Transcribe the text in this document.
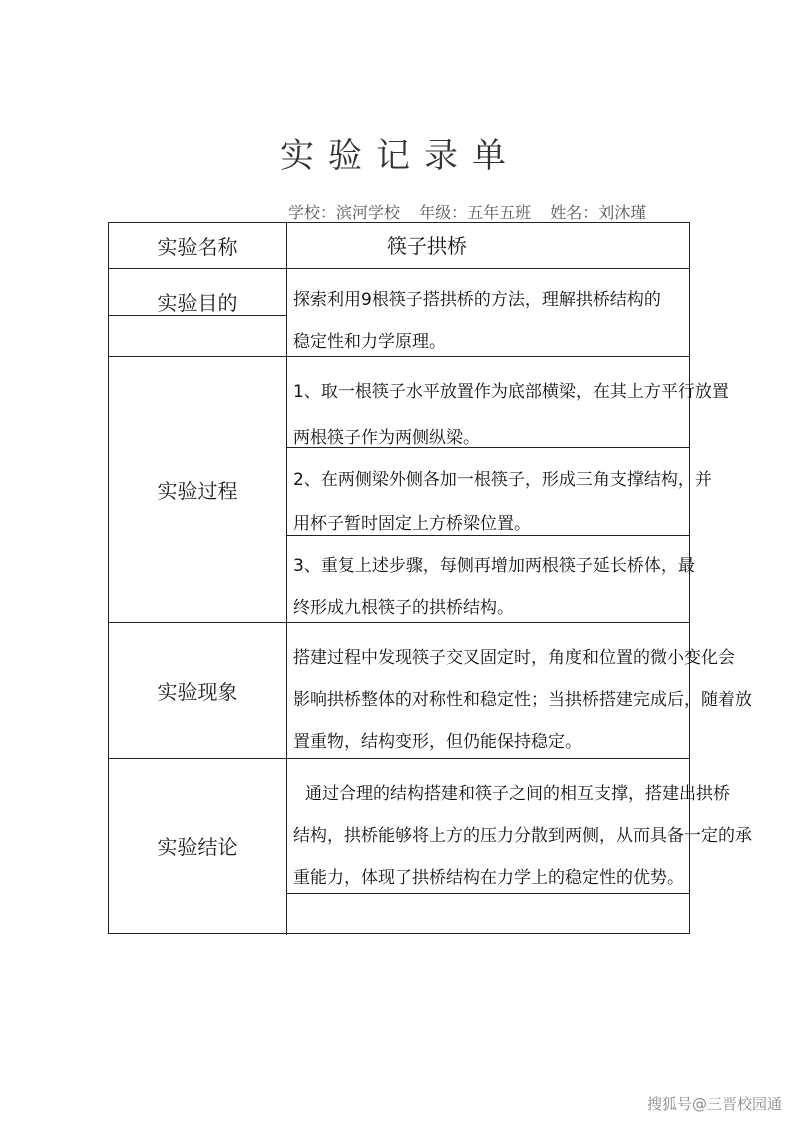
实验记录单
学校：滨河学校 年级：五年五班 姓名：刘沐瑾
实验名称	筷子拱桥
实验目的	探索利用9根筷子搭拱桥的方法，理解拱桥结构的
稳定性和力学原理。
实验过程
1、取一根筷子水平放置作为底部横梁，在其上方平行放置
两根筷子作为两侧纵梁。
2、在两侧梁外侧各加一根筷子，形成三角支撑结构，并
用杯子暂时固定上方桥梁位置。
3、重复上述步骤，每侧再增加两根筷子延长桥体，最
终形成九根筷子的拱桥结构。
实验现象
搭建过程中发现筷子交叉固定时，角度和位置的微小变化会
影响拱桥整体的对称性和稳定性；当拱桥搭建完成后，随着放
置重物，结构变形，但仍能保持稳定。
实验结论
通过合理的结构搭建和筷子之间的相互支撑，搭建出拱桥
结构，拱桥能够将上方的压力分散到两侧，从而具备一定的承
重能力，体现了拱桥结构在力学上的稳定性的优势。
搜狐号@三晋校园通
